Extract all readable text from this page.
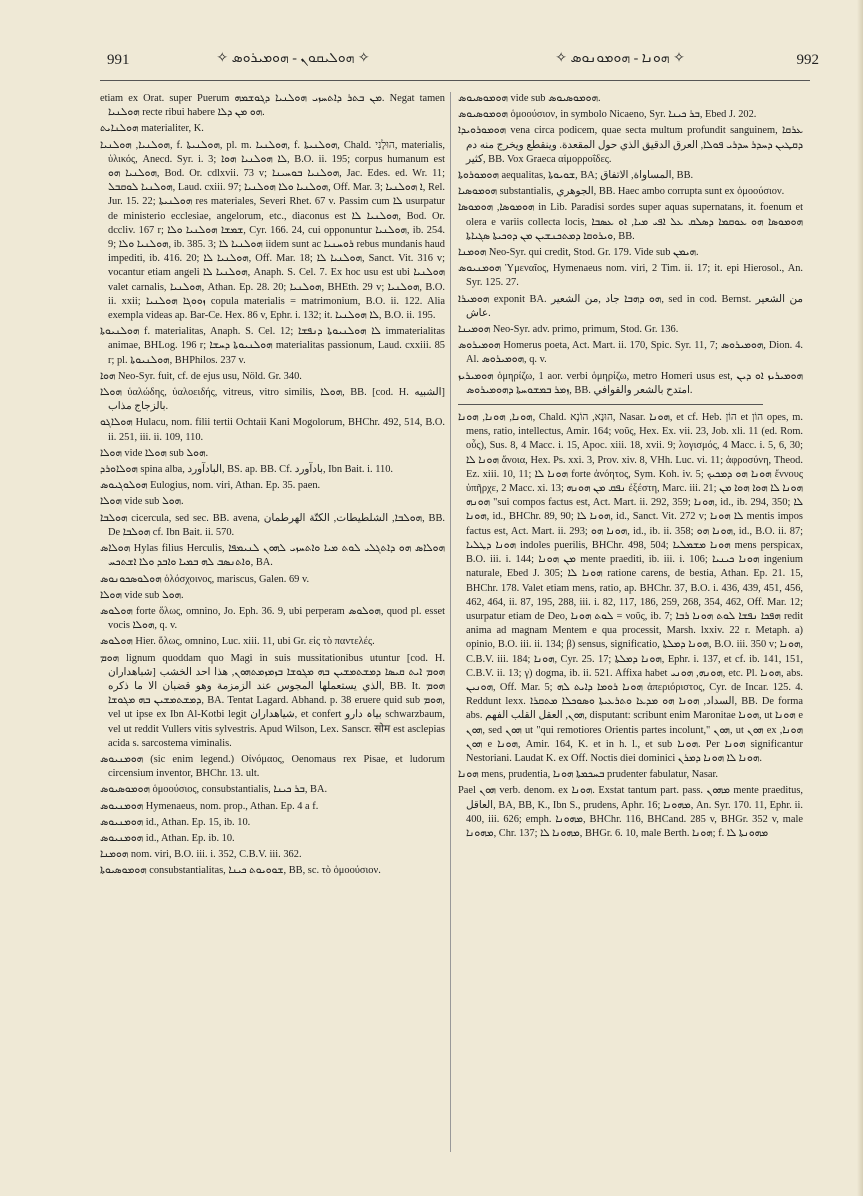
991	✧ ܗܘܠܝܩܘܢ - ܗܘܡܝܪܘܣ ✧	✧ ܗܘܢܐ - ܗܘܡܘܢܘܣ ✧	992

etiam ex Orat. super Puerum ܡܢ ܒܬܪ ܕܐܬܚܙܝ ܗܘܠܢܝܐ ܕܓܘܫܡܗ. Negat tamen ܗܘܠܢܝܐ recte ribui habere ܗܘ ܡܢ ܕܠܐ.

ܗܘܠܢܐܝܬ materialiter, K.

ܗܘܠܢܝܐ, ܗܘܠܢܝܐ, f. ܗܘܠܢܝܬܐ, pl. m. ܗܘܠܢܝܐ, f. ܗܘܠܢܝܬܐ, Chald. הוּלָנִי, materialis, ὑλικός, Anecd. Syr. i. 3; ܠܐ ܗܘܠܢܝܐ ܗܘܐ, B.O. ii. 195; corpus humanum est ܗܘܠܢܝܐ ܗܘ, Bod. Or. cdlxvii. 73 v; ܗܘܠܢܝܐ ܒܘܚܝܢܐ, Jac. Edes. ed. Wr. 11; ܗܘܠܢܝܐ ܠܘܩܒܠ, Laud. cxiii. 97; ܗܘܠܢܝܐ ܘܠܐ ܗܘܠܢܝܐ, Off. Mar. 3; ܐ ܗܘܠܢܝܐ, Rel. Jur. 15. 22; ܗܘܠܢܝܬܐ res materiales, Severi Rhet. 67 v. Passim cum ܠܐ usurpatur de ministerio ecclesiae, angelorum, etc., diaconus est ܗܘܠܢܝܐ ܠܐ, Bod. Or. dccliv. 167 r; ܫܡܫܐ ܗܘܠܢܝܐ ܘܠܐ, Cyr. 166. 24, cui opponuntur ܗܘܠܢܝܐ, ib. 254. 9; ܗܘܠܢܝܐ ܘܠܐ, ib. 385. 3; ܗܘܠܢܝܐ ܠܐ iidem sunt ac ܪܘܚܢܝܐ rebus mundanis haud impediti, ib. 416. 20; ܗܘܠܢܝܐ ܠܐ, Off. Mar. 18; ܗܘܠܢܝܐ ܠܐ, Sanct. Vit. 316 v; vocantur etiam angeli ܗܘܠܢܝܐ ܠܐ, Anaph. S. Cel. 7. Ex hoc usu est ubi ܗܘܠܢܝܐ valet carnalis, ܗܘܠܢܝܐ, Athan. Ep. 28. 20; ܗܘܠܢܝܐ, BHEth. 29 v; ܗܘܠܢܝܐ, B.O. ii. xxii; ܙܘܘܓܐ ܗܘܠܢܝܐ copula materialis = matrimonium, B.O. ii. 122. Alia exempla videas ap. Bar-Ce. Hex. 86 v, Ephr. i. 132; it. ܠܐ ܗܘܠܢܝܐ, B.O. ii. 195.

ܗܘܠܢܝܘܬܐ f. materialitas, Anaph. S. Cel. 12; ܠܐ ܗܘܠܢܝܘܬܐ ܕܢܦܫܐ immaterialitas animae, BHLog. 196 r; ܗܘܠܢܝܘܬܐ ܕܚܫܐ materialitas passionum, Laud. cxxiii. 85 r; pl. ܗܘܠܢܝܘܬܐ, BHPhilos. 237 v.

ܗܘܐ Neo-Syr. fuit, cf. de ejus usu, Nöld. Gr. 340.

ܗܘܠܐ ὑαλώδης, ὑαλοειδής, vitreus, vitro similis, ܗܘܠܐ, BB. [cod. H. الشبيه] بالزجاج مذاب.

ܗܘܠܐܓܘ Hulacu, nom. filii tertii Ochtaii Kani Mogolorum, BHChr. 492, 514, B.O. ii. 251, iii. ii. 109, 110.

ܗܘܠܐ vide ܗܘܠܐ sub ܗܘܠ.

ܗܘܠܐܘܪܕ spina alba, البادآورد, BS. ap. BB. Cf. بادآورد, Ibn Bait. i. 110.

ܗܘܠܘܓܝܘܣ Eulogius, nom. viri, Athan. Ep. 35. paen.

ܗܘܠܐ vide sub ܗܘܠ.

ܗܘܠܒܐ cicercula, sed sec. BB. avena, ܗܘܠܒܐ, الشلطيطات, الكتّة الهرطمان, BB. De ܗܘܠܒܐ cf. Ibn Bait. ii. 570.

ܗܘܠܐܣ Hylas filius Herculis, ܗܘܠܐܣ ܗܘ ܕܐܬܓܠܝ ܠܘܬ ܡܝܐ ܘܐܬܚܙܝ ܠܗܘܢ ܠܢܝܡܦܐ ܘܐܬܢܣܒ ܠܗ ܒܡܝܐ ܘܐܒܕ ܘܠܐ ܐܫܬܟܚ, BA.

ܗܘܠܘܣܟܘܢܘܣ ὁλόσχοινος, mariscus, Galen. 69 v.

ܗܘܠܐ vide sub ܗܘܠ.

ܗܘܠܘܣ forte ὅλως, omnino, Jo. Eph. 36. 9, ubi perperam ܗܘܠܘܣ, quod pl. esset vocis ܗܘܠܐ, q. v.

ܗܘܠܘܣ Hier. ὅλως, omnino, Luc. xiii. 11, ubi Gr. εἰς τὸ παντελές.

ܗܘܡ lignum quoddam quo Magi in suis mussitationibus utuntur [cod. H. شباهداران] ܗܘܡ ܐܝܬ ܩܝܣܐ ܕܡܫܬܡܫܝܢ ܒܗ ܡܓܘܫܐ ܒܙܡܙܡܬܗܘܢ, هذا احد الخشب الذي يستعملها المجوس عند الزمزمة وهو قضبان الا ما ذكره, BB. It. ܗܘܡ ܕܡܫܬܡܫܝܢ ܒܗ ܡܓܘܫܐ, BA. Tentat Lagard. Abhand. p. 38 eruere quid sub ܗܘܡ, vel ut ipse ex Ibn Al-Kotbi legit شیاهداران, et confert بیاہ دارو schwarzbaum, vel ut reddit Vullers vitis sylvestris. Apud Wilson, Lex. Sanscr. सोम est asclepias acida s. sarcostema viminalis.

ܗܘܡܢܝܘܣ (sic enim legend.) Οἰνόμαος, Oenomaus rex Pisae, et ludorum circensium inventor, BHChr. 13. ult.

ܗܘܡܘܣܝܘܣ ὁμοούσιος, consubstantialis, ܒܪ ܟܝܢܐ, BA.

ܗܘܡܢܝܘܣ Hymenaeus, nom. prop., Athan. Ep. 4 a f.

ܗܘܡܢܝܘܣ id., Athan. Ep. 15, ib. 10.

ܗܘܡܢܝܘܣ id., Athan. Ep. ib. 10.

ܗܘܡܢܐ nom. viri, B.O. iii. i. 352, C.B.V. iii. 362.

ܗܘܡܘܣܝܘܬܐ consubstantialitas, ܫܘܘܝܘܬ ܟܝܢܐ, BB, sc. τὸ ὁμοούσιον.

ܗܘܡܘܣܝܘܣ vide sub ܗܘܡܘܣܝܘܣ.

ܗܘܡܘܣܝܘܣ ὁμοούσιον, in symbolo Nicaeno, Syr. ܒܪ ܟܝܢܐ, Ebed J. 202.

ܗܘܡܘܪܘܝܕܐ vena circa podicem, quae secta multum profundit sanguinem, ܥܪܩܐ ܕܩܛܝܢ ܕܚܕܪ ܚܕܪܝ ܦܘܠܐ, العرق الدقيق الذي حول المقعدة. وينقطع ويخرج منه دم كثير, BB. Vox Graeca αἱμορροΐδες.

ܗܘܡܘܪܘܬܐ aequalitas, ܫܘܝܘܬܐ, BA; المساواة, الاتفاق, BB.

ܗܘܡܘܣܝܐ substantialis, الجوهري, BB. Haec ambo corrupta sunt ex ὁμοούσιον.

ܗܘܡܘܣܐ, ܗܘܡܘܣܐ in Lib. Paradisi sordes super aquas supernatans, it. foenum et olera e variis collecta locis, ܗܘܡܘܣܐ ܗܘ ܥܘܩܡܐ ܕܣܠܩ ܥܠ ܐܦܝ ܡܝܐ, ܐܘ ܥܣܒܐ ܘܝܪܘܩܐ ܕܡܬܟܢܫܝܢ ܡܢ ܕܘܟܝܬܐ ܣܓܝܐܬܐ, BB.

ܗܘܡܢܐ Neo-Syr. qui credit, Stod. Gr. 179. Vide sub ܗܝܡܢ.

ܗܘܡܢܝܘܣ Ὑμεναῖος, Hymenaeus nom. viri, 2 Tim. ii. 17; it. epi Hierosol., An. Syr. 125. 27.

ܗܘܡܝܪܐ exponit BA. ܗܘ ܕܗܒܐ جاد ,من الشعير, sed in cod. Bernst. من الشعير عاش.

ܗܘܡܝܢܐ Neo-Syr. adv. primo, primum, Stod. Gr. 136.

ܗܘܡܝܪܘܣ Homerus poeta, Act. Mart. ii. 170, Spic. Syr. 11, 7; ܗܘܡܝܪܘܣ, Dion. 4. Al. ܗܘܡܝܪܘܣ, q. v.

ܗܘܡܝܪܝܙ ὁμηρίζω, 1 aor. verbi ὁμηρίζω, metro Homeri usus est, ܗܘܡܝܪܝܙ ܐܘ ܕܝܢ ܙܡܪ ܒܡܫܘܚܬܐ ܕܗܘܡܝܪܘܣ, BB. امتدح بالشعر والقوافي.

ܗܘܢܐ, ܗܘܢܐ, ܗܘܢܐ, Chald. הוּנָא, הוֹנָא, Nasar. ܗܘܢܐ, et cf. Heb. הוֹן et הוֹן opes, m. mens, ratio, intellectus, Amir. 164; νοῦς, Hex. Ex. vii. 23, Job. xli. 11 (ed. Rom. οὖς), Sus. 8, 4 Macc. i. 15, Apoc. xiii. 18, xvii. 9; λογισμός, 4 Macc. i. 5, 6, 30; ܗܘܢܐ ܠܐ ἄνοια, Hex. Ps. xxi. 3, Prov. xiv. 8, VHh. Luc. vi. 11; ἀφροσύνη, Theod. Ez. xiii. 10, 11; ܗܘܢܐ ܠܐ forte ἀνόητος, Sym. Koh. iv. 5; ܗܘܢܐ ܗܘ ܕܡܟܝܟ ἔννους ὑπῆρχε, 2 Macc. xi. 13; ܢܦܩ ܡܢ ܗܘܢܗ ἐξέστη, Marc. iii. 21; ܗܘܢܐ ܠܐ ܗܘܐ ܗܘܐ ܡܢ ܗܘܢܗ "sui compos factus est, Act. Mart. ii. 292, 359; ܗܘܢܐ, id., ib. 294, 350; ܠܐ ܗܘܢܐ, id., BHChr. 89, 90; ܗܘܢܐ ܠܐ, id., Sanct. Vit. 272 v; ܠܐ ܗܘܢܐ mentis impos factus est, Act. Mart. ii. 293; ܗܘܢܐ ܗܘ, id., ib. ii. 358; ܗܘܢܐ ܗܘ, id., B.O. ii. 87; ܗܘܢܐ ܕܛܠܝܐ indoles puerilis, BHChr. 498, 504; ܗܘܢܐ ܡܫܡܠܝܐ mens perspicax, B.O. iii. i. 144; ܡܢ ܗܘܢܐ mente praediti, ib. iii. i. 106; ܗܘܢܐ ܟܝܢܝܐ ingenium naturale, Ebed J. 305; ܗܘܢܐ ܠܐ ratione carens, de bestia, Athan. Ep. 21. 15, BHChr. 178. Valet etiam mens, ratio, ap. BHChr. 37, B.O. i. 436, 439, 451, 456, 462, 464, ii. 87, 195, 288, iii. i. 82, 117, 186, 259, 268, 354, 462, Off. Mar. 12; usurpatur etiam de Deo, ܠܘܬ ܗܘܢܐ = νοῦς, ib. 7; ܗܦܟܐ ܢܦܫܐ ܠܘܬ ܗܘܢܐ ܪܒܐ redit anima ad magnam Mentem e qua processit, Marsh. lxxiv. 22 r. Metaph. a) opinio, B.O. iii. ii. 134; β) sensus, significatio, ܗܘܢܐ ܕܡܠܬܐ, B.O. iii. 350 v; ܗܘܢܐ, C.B.V. iii. 184; ܗܘܢܐ, Cyr. 25. 17; ܗܘܢܐ ܕܡܠܬܐ, Ephr. i. 137, et cf. ib. 141, 151, C.B.V. ii. 13; γ) dogma, ib. ii. 521. Affixa habet ܗܘܢܗ, ܗܘܢܝ, etc. Pl. ܗܘܢܐ, abs. ܗܘܢܝܢ, Off. Mar. 5; ܗܘܢܐ ܪܘܡܐ ܕܐܝܬ ܠܗ ἀπεριόριστος, Cyr. de Incar. 125. 4. Reddunt lexx. السداد, ܗܘܢܐ ܗܘ ܡܕܥܐ ܘܬܪܥܝܬܐ ܘܣܘܟܠܐ ܡܬܩܪܐ, BB. De forma abs. ܗܘܢ, العقل القلب الفهم, disputant: scribunt enim Maronitae ܗܘܢܐ, ut ܗܘܢܐ e ܗܘܢ, sed ܗܘܢ ut "qui remotiores Orientis partes incolunt," ܗܘܢ, ut ܗܘܢ ex ܗܘܢܐ, ܗܘܢ e ܗܘܢܐ, Amir. 164, K. et in h. l., et sub ܗܘܢܐ. Per ܗܘܢܐ significantur Nestoriani. Laudat K. ex Off. Noctis diei dominici ܗܘܢܐ ܠܐ ܗܘܢܐ ܕܡܪܢ.

ܗܘܢܐ mens, prudentia, ܒܚܟܡܬܐ ܗܘܢܐ prudenter fabulatur, Nasar.

Pael ܗܘܢ verb. denom. ex ܗܘܢܐ. Exstat tantum part. pass. ܡܗܘܢ mente praeditus, العاقل, BA, BB, K., Ibn S., prudens, Aphr. 16; ܡܗܘܢܐ, An. Syr. 170. 11, Ephr. ii. 400, iii. 626; emph. ܡܗܘܢܐ, BHChr. 116, BHCand. 285 v, BHGr. 352 v, male ܡܗܘܢܐ, Chr. 137; ܡܗܘܢܐ ܠܐ, BHGr. 6. 10, male Berth. ܗܘܢܐ; f. ܡܗܘܢܬܐ ܠܐ
